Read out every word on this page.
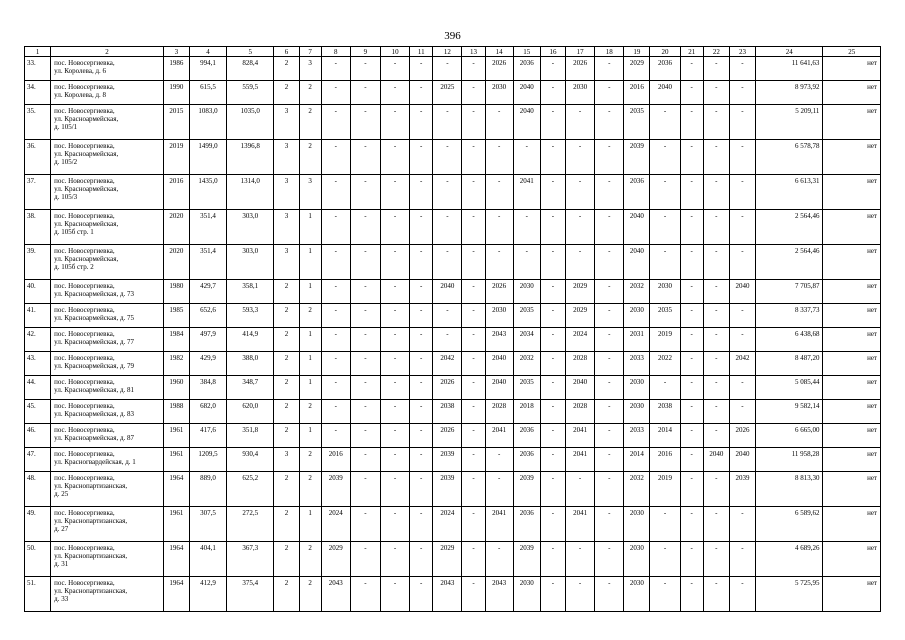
396
1	2	3	4	5	6	7	8	9	10	11	12	13	14	15	16	17	18	19	20	21	22	23	24	25
33.	пос. Новосергиевка,
ул. Королева, д. 6	1986	994,1	828,4	2	3	-	-	-	-	-	-	2026	2036	-	2026	-	2029	2036	-	-	-	11 641,63	нет
34.	пос. Новосергиевка,
ул. Королева, д. 8	1990	615,5	559,5	2	2	-	-	-	-	2025	-	2030	2040	-	2030	-	2016	2040	-	-	-	8 973,92	нет
35.	пос. Новосергиевка,
ул. Красноармейская,
д. 105/1	2015	1083,0	1035,0	3	2	-	-	-	-	-	-	-	2040	-	-	-	2035	-	-	-	-	5 209,11	нет
36.	пос. Новосергиевка,
ул. Красноармейская,
д. 105/2	2019	1499,0	1396,8	3	2	-	-	-	-	-	-	-	-	-	-	-	2039	-	-	-	-	6 578,78	нет
37.	пос. Новосергиевка,
ул. Красноармейская,
д. 105/3	2016	1435,0	1314,0	3	3	-	-	-	-	-	-	-	2041	-	-	-	2036	-	-	-	-	6 613,31	нет
38.	пос. Новосергиевка,
ул. Красноармейская,
д. 105б стр. 1	2020	351,4	303,0	3	1	-	-	-	-	-	-	-	-	-	-	-	2040	-	-	-	-	2 564,46	нет
39.	пос. Новосергиевка,
ул. Красноармейская,
д. 105б стр. 2	2020	351,4	303,0	3	1	-	-	-	-	-	-	-	-	-	-	-	2040	-	-	-	-	2 564,46	нет
40.	пос. Новосергиевка,
ул. Красноармейская, д. 73	1980	429,7	358,1	2	1	-	-	-	-	2040	-	2026	2030	-	2029	-	2032	2030	-	-	2040	7 705,87	нет
41.	пос. Новосергиевка,
ул. Красноармейская, д. 75	1985	652,6	593,3	2	2	-	-	-	-	-	-	2030	2035	-	2029	-	2030	2035	-	-	-	8 337,73	нет
42.	пос. Новосергиевка,
ул. Красноармейская, д. 77	1984	497,9	414,9	2	1	-	-	-	-	-	-	2043	2034	-	2024	-	2031	2019	-	-	-	6 438,68	нет
43.	пос. Новосергиевка,
ул. Красноармейская, д. 79	1982	429,9	388,0	2	1	-	-	-	-	2042	-	2040	2032	-	2028	-	2033	2022	-	-	2042	8 487,20	нет
44.	пос. Новосергиевка,
ул. Красноармейская, д. 81	1960	384,8	348,7	2	1	-	-	-	-	2026	-	2040	2035	-	2040	-	2030	-	-	-	-	5 085,44	нет
45.	пос. Новосергиевка,
ул. Красноармейская, д. 83	1988	682,0	620,0	2	2	-	-	-	-	2038	-	2028	2018	-	2028	-	2030	2038	-	-	-	9 582,14	нет
46.	пос. Новосергиевка,
ул. Красноармейская, д. 87	1961	417,6	351,8	2	1	-	-	-	-	2026	-	2041	2036	-	2041	-	2033	2014	-	-	2026	6 665,00	нет
47.	пос. Новосергиевка,
ул. Красногвардейская, д. 1	1961	1209,5	930,4	3	2	2016	-	-	-	2039	-	-	2036	-	2041	-	2014	2016	-	2040	2040	11 958,28	нет
48.	пос. Новосергиевка,
ул. Краснопартизанская,
д. 25	1964	889,0	625,2	2	2	2039	-	-	-	2039	-	-	2039	-	-	-	2032	2019	-	-	2039	8 813,30	нет
49.	пос. Новосергиевка,
ул. Краснопартизанская,
д. 27	1961	307,5	272,5	2	1	2024	-	-	-	2024	-	2041	2036	-	2041	-	2030	-	-	-	-	6 589,62	нет
50.	пос. Новосергиевка,
ул. Краснопартизанская,
д. 31	1964	404,1	367,3	2	2	2029	-	-	-	2029	-	-	2039	-	-	-	2030	-	-	-	-	4 689,26	нет
51.	пос. Новосергиевка,
ул. Краснопартизанская,
д. 33	1964	412,9	375,4	2	2	2043	-	-	-	2043	-	2043	2030	-	-	-	2030	-	-	-	-	5 725,95	нет
